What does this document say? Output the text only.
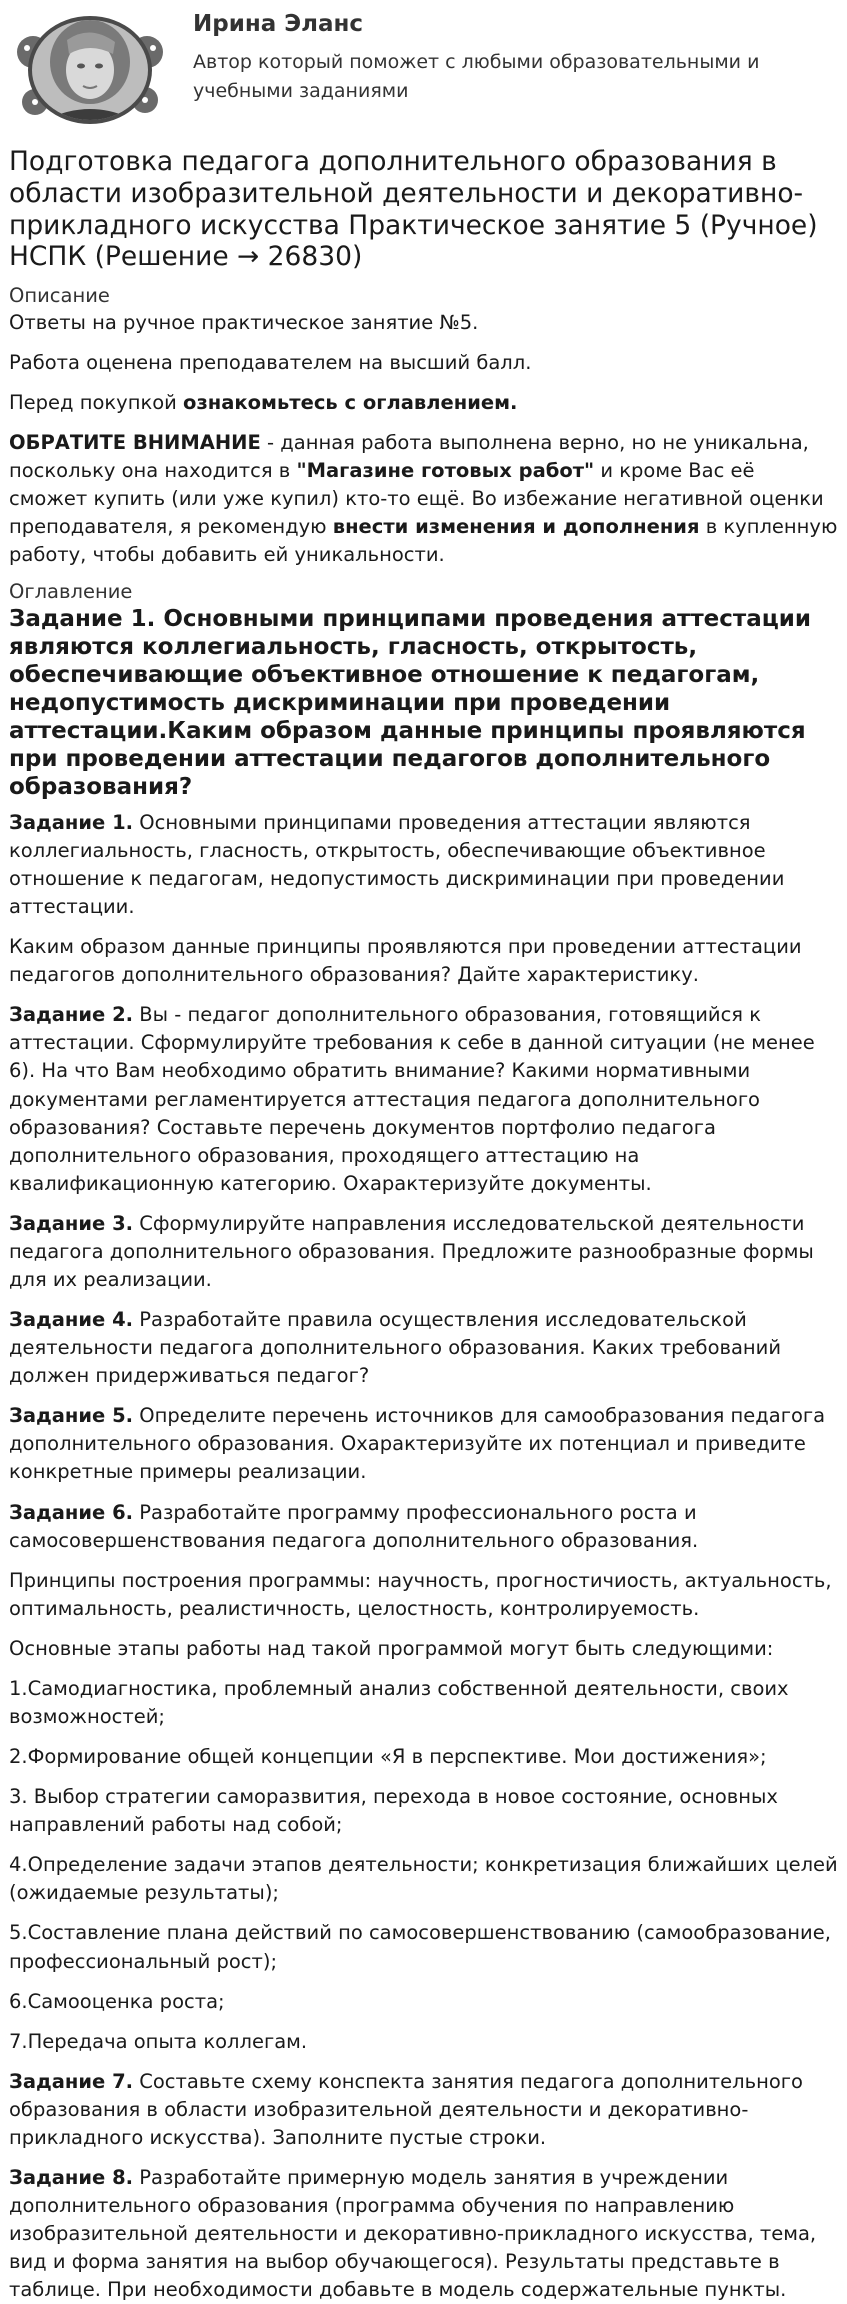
Ирина Эланс
Автор который поможет с любыми образовательными и учебными заданиями
Подготовка педагога дополнительного образования в области изобразительной деятельности и декоративно-прикладного искусства Практическое занятие 5 (Ручное) НСПК (Решение → 26830)
Описание

Ответы на ручное практическое занятие №5.

Работа оценена преподавателем на высший балл.

Перед покупкой ознакомьтесь с оглавлением.

ОБРАТИТЕ ВНИМАНИЕ - данная работа выполнена верно, но не уникальна, поскольку она находится в "Магазине готовых работ" и кроме Вас её сможет купить (или уже купил) кто-то ещё. Во избежание негативной оценки преподавателя, я рекомендую внести изменения и дополнения в купленную работу, чтобы добавить ей уникальности.

Оглавление
Задание 1. Основными принципами проведения аттестации являются коллегиальность, гласность, открытость, обеспечивающие объективное отношение к педагогам, недопустимость дискриминации при проведении аттестации.Каким образом данные принципы проявляются при проведении аттестации педагогов дополнительного образования?

Задание 1. Основными принципами проведения аттестации являются коллегиальность, гласность, открытость, обеспечивающие объективное отношение к педагогам, недопустимость дискриминации при проведении аттестации.

Каким образом данные принципы проявляются при проведении аттестации педагогов дополнительного образования? Дайте характеристику.

Задание 2. Вы - педагог дополнительного образования, готовящийся к аттестации. Сформулируйте требования к себе в данной ситуации (не менее 6). На что Вам необходимо обратить внимание? Какими нормативными документами регламентируется аттестация педагога дополнительного образования? Составьте перечень документов портфолио педагога дополнительного образования, проходящего аттестацию на квалификационную категорию. Охарактеризуйте документы.

Задание 3. Сформулируйте направления исследовательской деятельности педагога дополнительного образования. Предложите разнообразные формы для их реализации.

Задание 4. Разработайте правила осуществления исследовательской деятельности педагога дополнительного образования. Каких требований должен придерживаться педагог?

Задание 5. Определите перечень источников для самообразования педагога дополнительного образования. Охарактеризуйте их потенциал и приведите конкретные примеры реализации.

Задание 6. Разработайте программу профессионального роста и самосовершенствования педагога дополнительного образования.

Принципы построения программы: научность, прогностичиость, актуальность, оптимальность, реалистичность, целостность, контролируемость.

Основные этапы работы над такой программой могут быть следующими:

1.Самодиагностика, проблемный анализ собственной деятельности, своих возможностей;

2.Формирование общей концепции «Я в перспективе. Мои достижения»;

3. Выбор стратегии саморазвития, перехода в новое состояние, основных направлений работы над собой;

4.Определение задачи этапов деятельности; конкретизация ближайших целей (ожидаемые результаты);

5.Составление плана действий по самосовершенствованию (самообразование, профессиональный рост);

6.Самооценка роста;

7.Передача опыта коллегам.

Задание 7. Составьте схему конспекта занятия педагога дополнительного образования в области изобразительной деятельности и декоративно-прикладного искусства). Заполните пустые строки.

Задание 8. Разработайте примерную модель занятия в учреждении дополнительного образования (программа обучения по направлению изобразительной деятельности и декоративно-прикладного искусства, тема, вид и форма занятия на выбор обучающегося). Результаты представьте в таблице. При необходимости добавьте в модель содержательные пункты.
